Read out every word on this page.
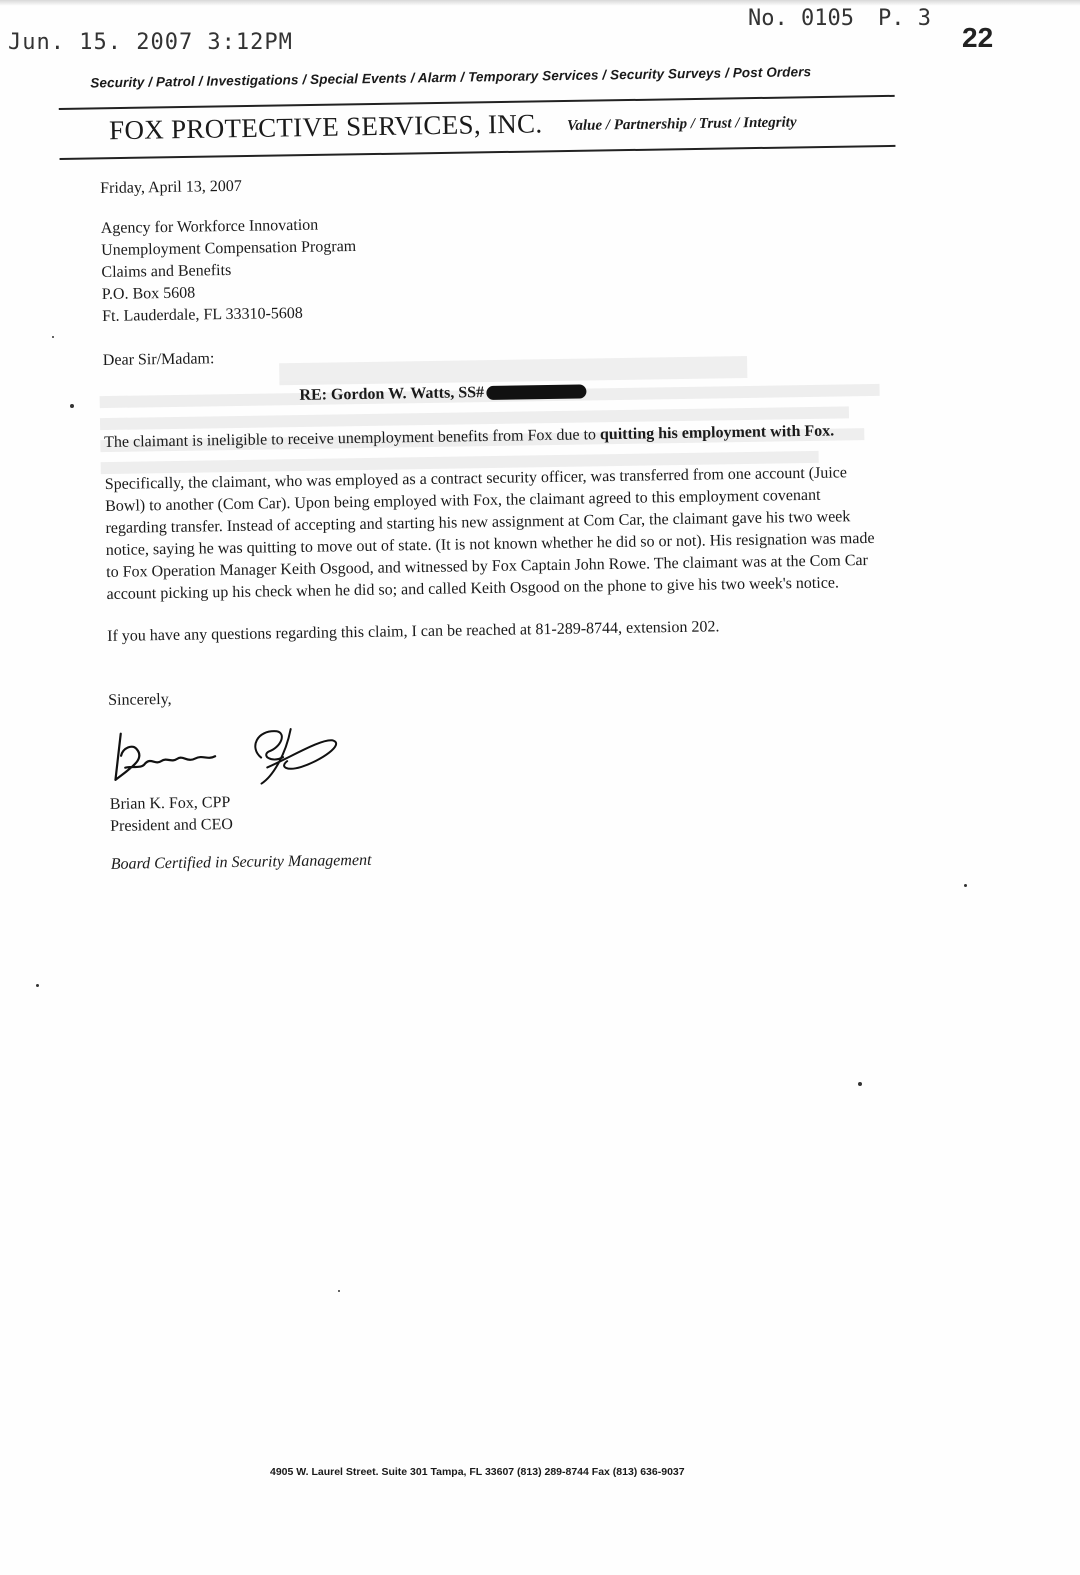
Jun. 15. 2007 3:12PM
No. 0105 P. 3
22
Security / Patrol / Investigations / Special Events / Alarm / Temporary Services / Security Surveys / Post Orders
FOX PROTECTIVE SERVICES, INC. Value / Partnership / Trust / Integrity
Friday, April 13, 2007
Agency for Workforce Innovation
Unemployment Compensation Program
Claims and Benefits
P.O. Box 5608
Ft. Lauderdale, FL 33310-5608
Dear Sir/Madam:
RE: Gordon W. Watts, SS#
The claimant is ineligible to receive unemployment benefits from Fox due to quitting his employment with Fox.
Specifically, the claimant, who was employed as a contract security officer, was transferred from one account (Juice Bowl) to another (Com Car). Upon being employed with Fox, the claimant agreed to this employment covenant regarding transfer. Instead of accepting and starting his new assignment at Com Car, the claimant gave his two week notice, saying he was quitting to move out of state. (It is not known whether he did so or not). His resignation was made to Fox Operation Manager Keith Osgood, and witnessed by Fox Captain John Rowe. The claimant was at the Com Car account picking up his check when he did so; and called Keith Osgood on the phone to give his two week's notice.
If you have any questions regarding this claim, I can be reached at 81-289-8744, extension 202.
Sincerely,
Brian K. Fox, CPP
President and CEO
Board Certified in Security Management
4905 W. Laurel Street. Suite 301 Tampa, FL 33607 (813) 289-8744 Fax (813) 636-9037
